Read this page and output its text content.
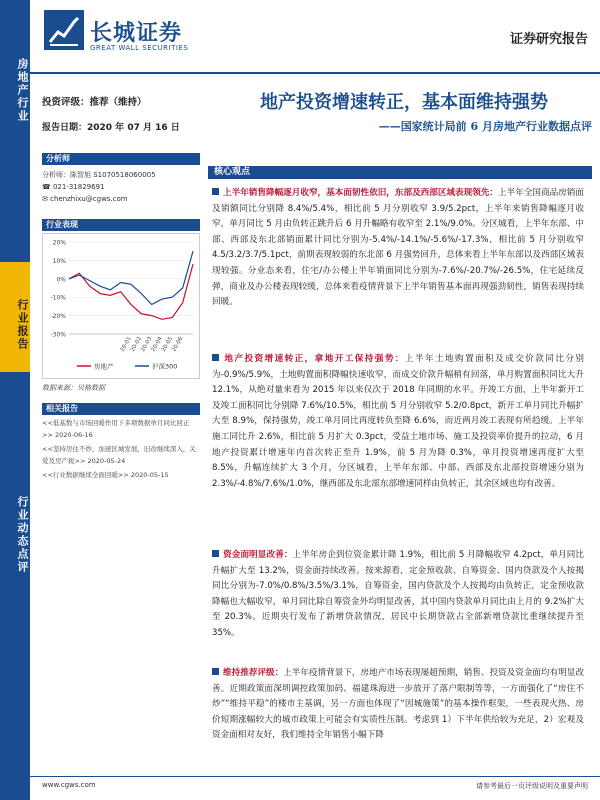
房地产行业
行业报告
行业动态点评
长城证券
GREAT WALL SECURITIES
证券研究报告
投资评级：推荐（维持）
报告日期：2020 年 07 月 16 日
分析师
分析师：陈智旭 S1070518060005
☎ 021-31829691
✉ chenzhixu@cgws.com
行业表现
20%
10%
0%
-10%
-20%
-30%
20-01
20-02
20-03
20-04
20-05
20-06
房地产	沪深300
数据来源：贝格数据
相关报告
<<低基数与市场回暖作用下多项数据单月同比回正>> 2020-06-16
<<坚持房住不炒，加速区城发展，旧改继续深入，关爱及房产税>> 2020-05-24
<<行业数据继续全面回暖>> 2020-05-15
地产投资增速转正，基本面维持强势
——国家统计局前 6 月房地产行业数据点评
核心观点
上半年销售降幅逐月收窄，基本面韧性依旧，东部及西部区域表现领先：上半年全国商品房销面及销额同比分别降 8.4%/5.4%，相比前 5 月分别收窄 3.9/5.2pct，上半年来销售降幅逐月收窄，单月同比 5 月由负转正跳升后 6 月升幅略有收窄至 2.1%/9.0%。分区城看，上半年东部、中部、西部及东北部销面累计同比分别为-5.4%/-14.1%/-5.6%/-17.3%，相比前 5 月分别收窄 4.5/3.2/3.7/5.1pct，前期表现较弱的东北部 6 月强势回升，总体来看上半年东部以及西部区域表现较强。分业态来看，住宅/办公楼上半年销面同比分别为-7.6%/-20.7%/-26.5%，住宅延续反弹，商业及办公楼表现较缓，总体来看疫情背景下上半年销售基本面再现强劲韧性，销售表现持续回暖。
地产投资增速转正，拿地开工保持强势：上半年土地购置面积及成交价款同比分别为-0.9%/5.9%，土地购置面积降幅快速收窄，而成交价款升幅稍有回落，单月购置面积同比大升 12.1%，从绝对量来看为 2015 年以来仅次于 2018 年同期的水平。开竣工方面，上半年新开工及竣工面积同比分别降 7.6%/10.5%，相比前 5 月分别收窄 5.2/0.8pct，新开工单月同比升幅扩大至 8.9%，保持强势，竣工单月同比再度转负至降 6.6%，而近两月竣工表现有所趋缓。上半年施工同比升 2.6%，相比前 5 月扩大 0.3pct，受益土地市场、施工及投资率价提升的拉动，6 月地产投资累计增速年内首次转正至升 1.9%，前 5 月为降 0.3%，单月投资增速再度扩大至 8.5%，升幅连续扩大 3 个月，分区城看，上半年东部、中部、西部及东北部投资增速分别为 2.3%/-4.8%/7.6%/1.0%，继西部及东北部东部增速同样由负转正，其余区域也均有改善。
资金面明显改善：上半年房企到位资金累计降 1.9%，相比前 5 月降幅收窄 4.2pct，单月同比升幅扩大至 13.2%，资金面持续改善。按来源看，定金预收款、自筹资金、国内贷款及个人按揭同比分别为-7.0%/0.8%/3.5%/3.1%，自筹资金，国内贷款及个人按揭均由负转正，定金预收款降幅也大幅收窄，单月同比除自筹资金外均明显改善，其中国内贷款单月同比由上月的 9.2%扩大至 20.3%。近期央行发布了新增贷款情况，居民中长期贷款占全部新增贷款比重继续提升至 35%。
维持推荐评级：上半年疫情背景下，房地产市场表现屡超预期，销售、投资及资金面均有明显改善。近期政策面深圳调控政策加码、福建珠海进一步放开了落户限制等等，一方面强化了“房住不炒”“维持平稳”的楼市主基调，另一方面也体现了“因城施策”的基本操作框架，一些表现火热、房价短期涨幅较大的城市政策上可能会有实质性压制。考虑到 1）下半年供给较为充足，2）宏观及资金面相对友好，我们维持全年销售小幅下降
www.cgws.com	请参考最后一页评级说明及重要声明
